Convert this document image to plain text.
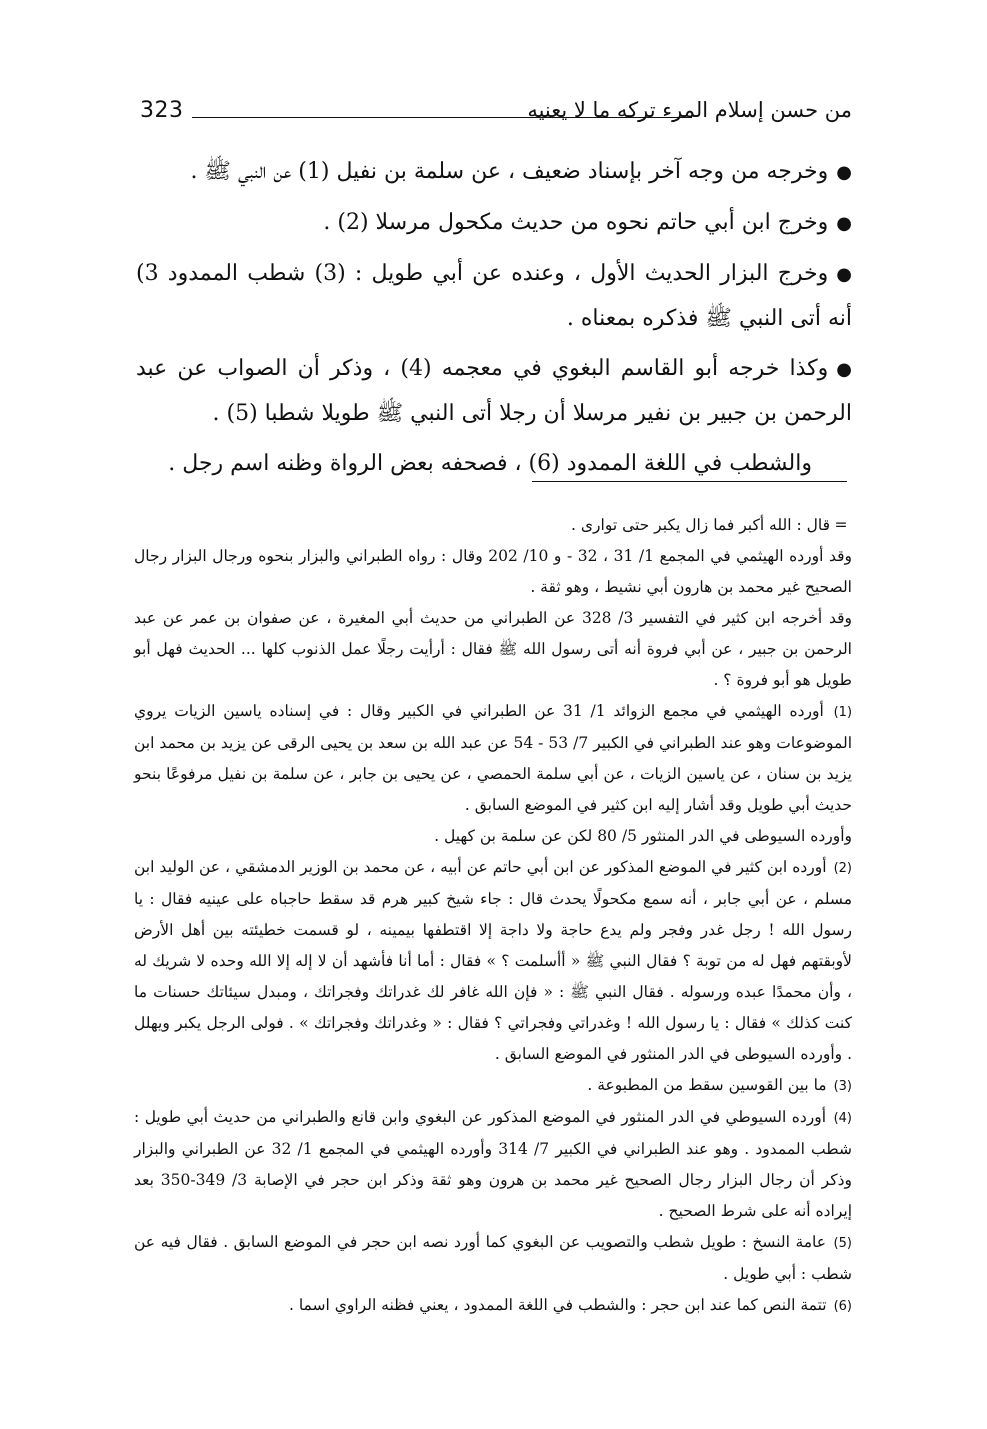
323	من حسن إسلام المرء تركه ما لا يعنيه

●وخرجه من وجه آخر بإسناد ضعيف ، عن سلمة بن نفيل (1) عن النبي ﷺ .

●وخرج ابن أبي حاتم نحوه من حديث مكحول مرسلا (2) .

●وخرج البزار الحديث الأول ، وعنده عن أبي طويل : (3) شطب الممدود 3) أنه أتى النبي ﷺ فذكره بمعناه .

●وكذا خرجه أبو القاسم البغوي في معجمه (4) ، وذكر أن الصواب عن عبد الرحمن بن جبير بن نفير مرسلا أن رجلا أتى النبي ﷺ طويلا شطبا (5) .

والشطب في اللغة الممدود (6) ، فصحفه بعض الرواة وظنه اسم رجل .

=قال : الله أكبر فما زال يكبر حتى توارى .

وقد أورده الهيثمي في المجمع 1/ 31 ، 32 - و 10/ 202 وقال : رواه الطبراني والبزار بنحوه ورجال البزار رجال الصحيح غير محمد بن هارون أبي نشيط ، وهو ثقة .

وقد أخرجه ابن كثير في التفسير 3/ 328 عن الطبراني من حديث أبي المغيرة ، عن صفوان بن عمر عن عبد الرحمن بن جبير ، عن أبي فروة أنه أتى رسول الله ﷺ فقال : أرأيت رجلًا عمل الذنوب كلها ... الحديث فهل أبو طويل هو أبو فروة ؟ .

(1) أورده الهيثمي في مجمع الزوائد 1/ 31 عن الطبراني في الكبير وقال : في إسناده ياسين الزيات يروي الموضوعات وهو عند الطبراني في الكبير 7/ 53 - 54 عن عبد الله بن سعد بن يحيى الرقى عن يزيد بن محمد ابن يزيد بن سنان ، عن ياسين الزيات ، عن أبي سلمة الحمصي ، عن يحيى بن جابر ، عن سلمة بن نفيل مرفوعًا بنحو حديث أبي طويل وقد أشار إليه ابن كثير في الموضع السابق .

وأورده السيوطى في الدر المنثور 5/ 80 لكن عن سلمة بن كهيل .

(2) أورده ابن كثير في الموضع المذكور عن ابن أبي حاتم عن أبيه ، عن محمد بن الوزير الدمشقي ، عن الوليد ابن مسلم ، عن أبي جابر ، أنه سمع مكحولًا يحدث قال : جاء شيخ كبير هرم قد سقط حاجباه على عينيه فقال : يا رسول الله ! رجل غدر وفجر ولم يدع حاجة ولا داجة إلا اقتطفها بيمينه ، لو قسمت خطيئته بين أهل الأرض لأوبقتهم فهل له من توبة ؟ فقال النبي ﷺ « أأسلمت ؟ » فقال : أما أنا فأشهد أن لا إله إلا الله وحده لا شريك له ، وأن محمدًا عبده ورسوله . فقال النبي ﷺ : « فإن الله غافر لك غدراتك وفجراتك ، ومبدل سيئاتك حسنات ما كنت كذلك » فقال : يا رسول الله ! وغدراتي وفجراتي ؟ فقال : « وغدراتك وفجراتك » . فولى الرجل يكبر ويهلل . وأورده السيوطى في الدر المنثور في الموضع السابق .

(3) ما بين القوسين سقط من المطبوعة .

(4) أورده السيوطي في الدر المنثور في الموضع المذكور عن البغوي وابن قانع والطبراني من حديث أبي طويل : شطب الممدود . وهو عند الطبراني في الكبير 7/ 314 وأورده الهيثمي في المجمع 1/ 32 عن الطبراني والبزار وذكر أن رجال البزار رجال الصحيح غير محمد بن هرون وهو ثقة وذكر ابن حجر في الإصابة 3/ 349-350 بعد إيراده أنه على شرط الصحيح .

(5) عامة النسخ : طويل شطب والتصويب عن البغوي كما أورد نصه ابن حجر في الموضع السابق . فقال فيه عن شطب : أبي طويل .

(6) تتمة النص كما عند ابن حجر : والشطب في اللغة الممدود ، يعني فظنه الراوي اسما .
